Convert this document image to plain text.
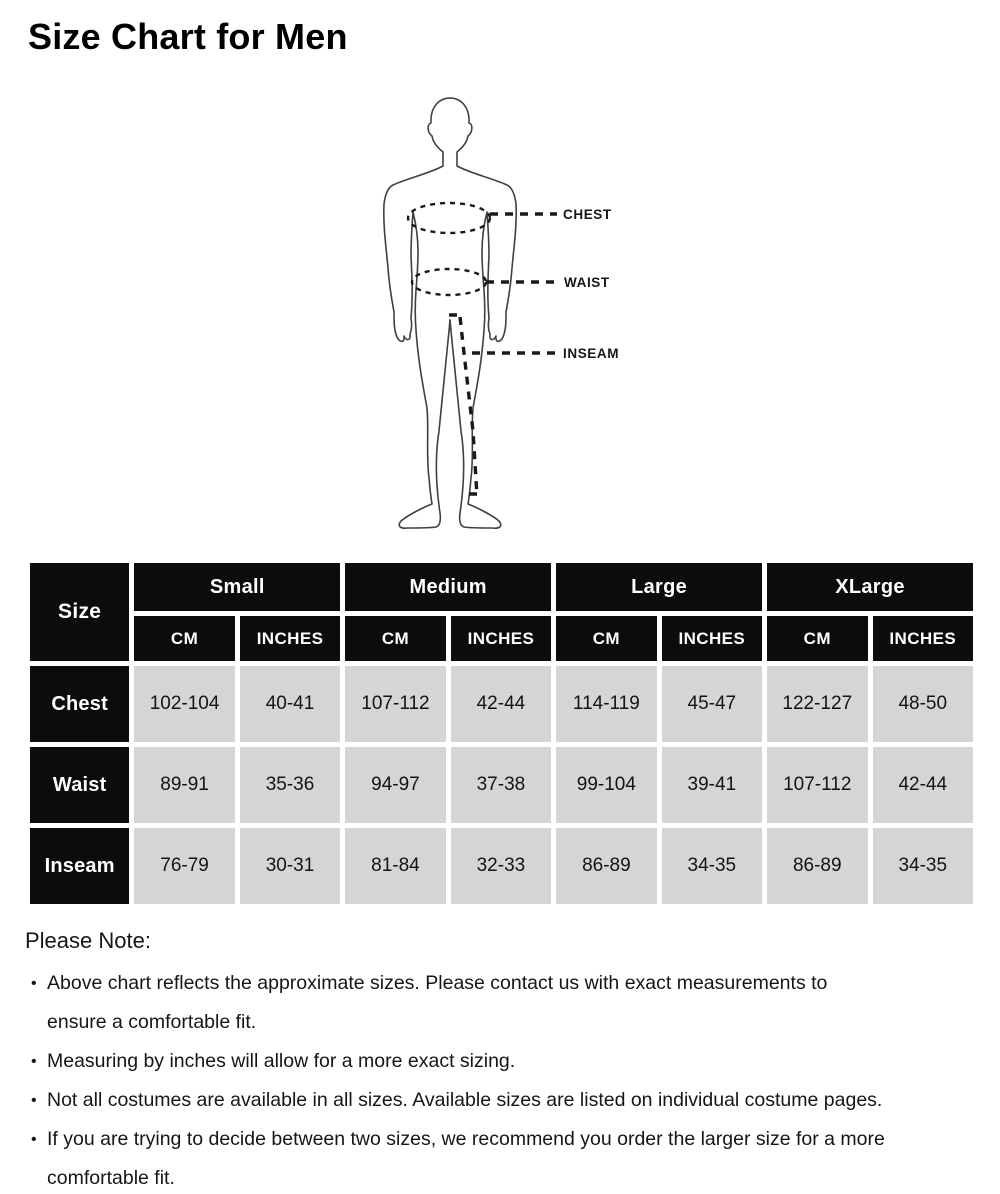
Size Chart for Men
CHEST
WAIST
INSEAM
Size	Small		Medium		Large		XLarge	
	CM	INCHES	CM	INCHES	CM	INCHES	CM	INCHES
Chest	102-104	40-41	107-112	42-44	114-119	45-47	122-127	48-50
Waist	89-91	35-36	94-97	37-38	99-104	39-41	107-112	42-44
Inseam	76-79	30-31	81-84	32-33	86-89	34-35	86-89	34-35
Please Note:
• Above chart reflects the approximate sizes. Please contact us with exact measurements to
ensure a comfortable fit.
• Measuring by inches will allow for a more exact sizing.
• Not all costumes are available in all sizes. Available sizes are listed on individual costume pages.
• If you are trying to decide between two sizes, we recommend you order the larger size for a more
comfortable fit.
